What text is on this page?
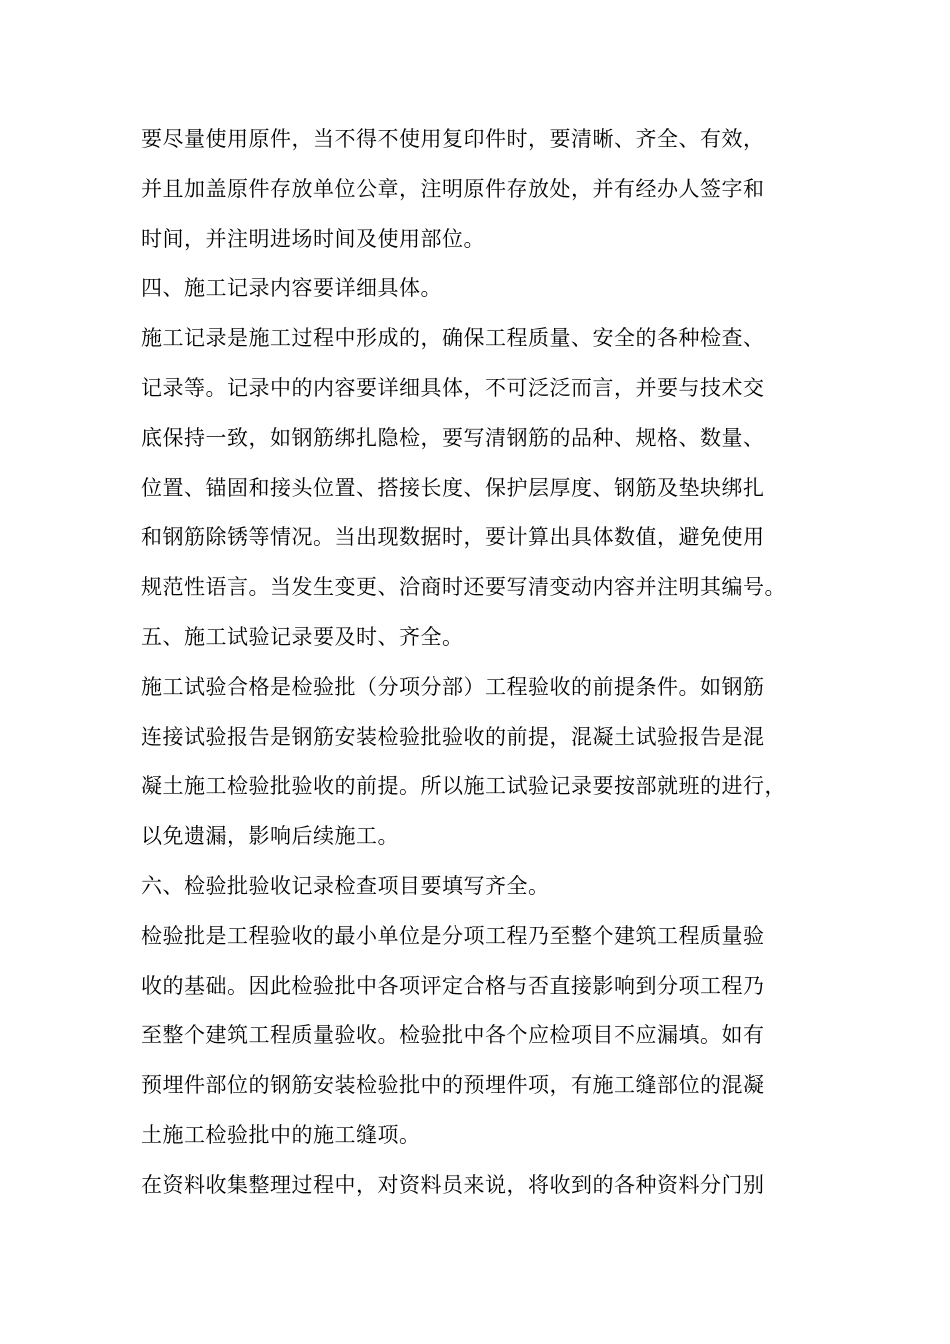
要尽量使用原件，当不得不使用复印件时，要清晰、齐全、有效，
并且加盖原件存放单位公章，注明原件存放处，并有经办人签字和
时间，并注明进场时间及使用部位。
四、施工记录内容要详细具体。
施工记录是施工过程中形成的，确保工程质量、安全的各种检查、
记录等。记录中的内容要详细具体，不可泛泛而言，并要与技术交
底保持一致，如钢筋绑扎隐检，要写清钢筋的品种、规格、数量、
位置、锚固和接头位置、搭接长度、保护层厚度、钢筋及垫块绑扎
和钢筋除锈等情况。当出现数据时，要计算出具体数值，避免使用
规范性语言。当发生变更、洽商时还要写清变动内容并注明其编号。
五、施工试验记录要及时、齐全。
施工试验合格是检验批（分项分部）工程验收的前提条件。如钢筋
连接试验报告是钢筋安装检验批验收的前提，混凝土试验报告是混
凝土施工检验批验收的前提。所以施工试验记录要按部就班的进行，
以免遗漏，影响后续施工。
六、检验批验收记录检查项目要填写齐全。
检验批是工程验收的最小单位是分项工程乃至整个建筑工程质量验
收的基础。因此检验批中各项评定合格与否直接影响到分项工程乃
至整个建筑工程质量验收。检验批中各个应检项目不应漏填。如有
预埋件部位的钢筋安装检验批中的预埋件项，有施工缝部位的混凝
土施工检验批中的施工缝项。
在资料收集整理过程中，对资料员来说，将收到的各种资料分门别
